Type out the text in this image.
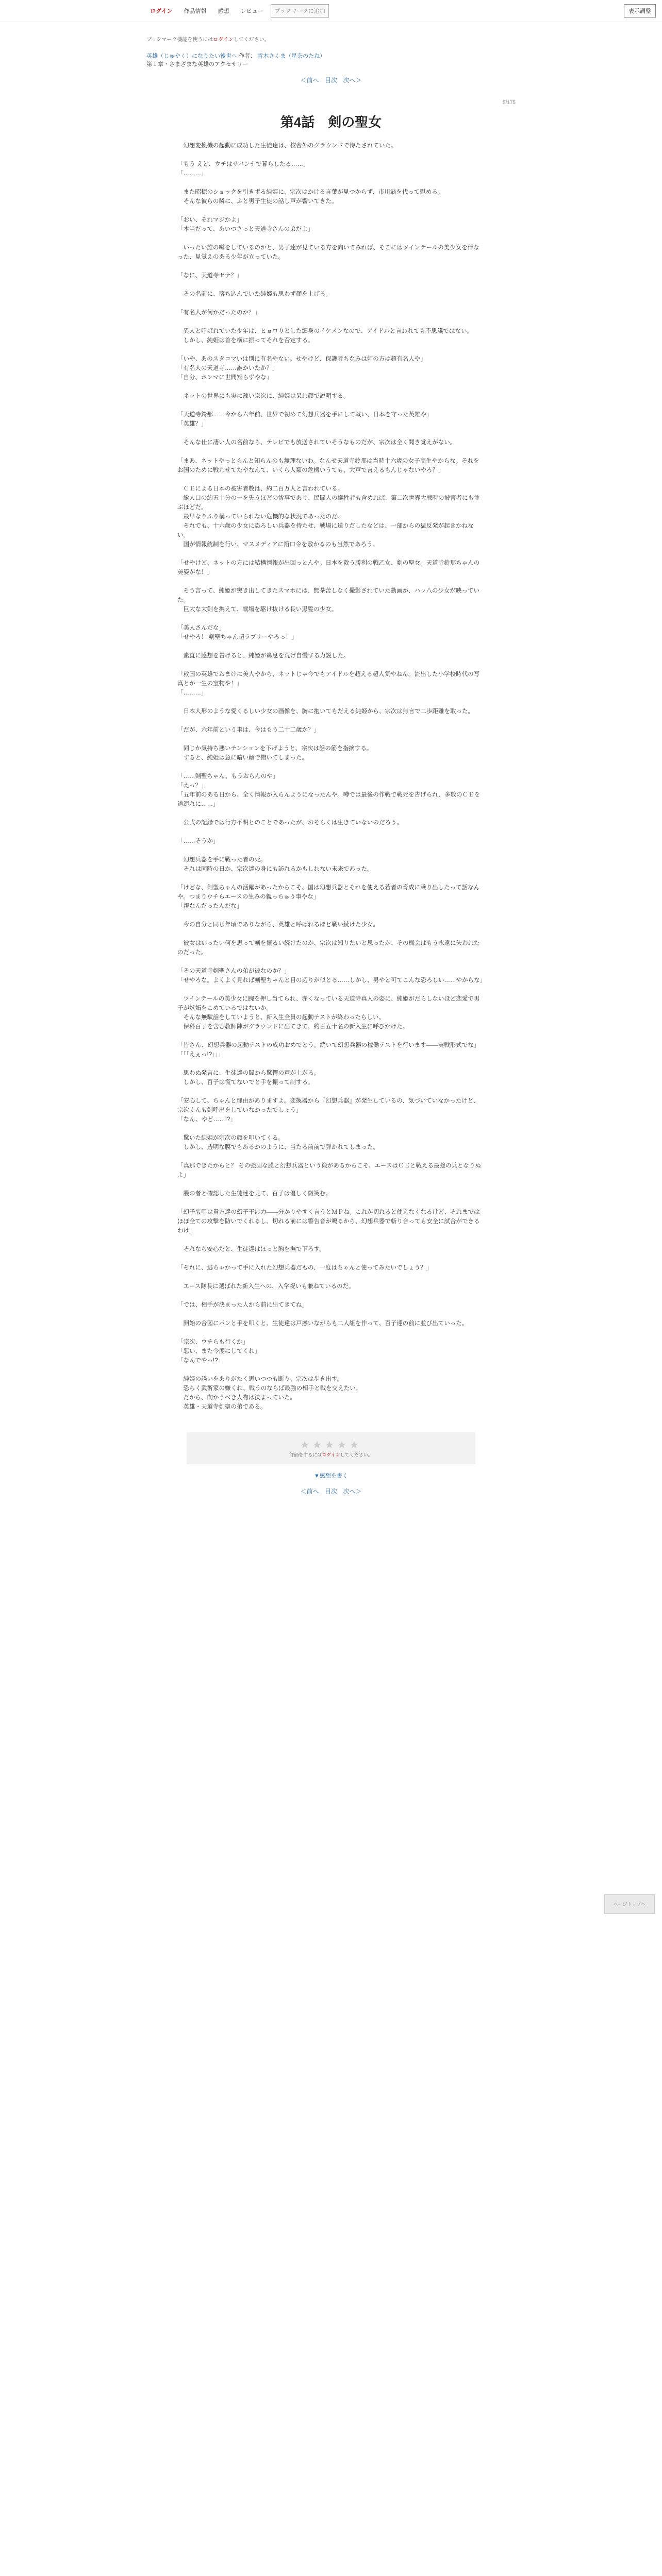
ログイン	作品情報	感想	レビュー	ブックマークに追加	表示調整
ブックマーク機能を使うにはログインしてください。
英雄（じゅやく）になりたい後世へ 作者： 青木さくま（星奈のたね）
第１章・さまざまな英雄のアクセサリー
＜前へ 目次 次へ＞
5/175
第4話　剣の聖女

　幻想変換機の起動に成功した生徒達は、校舎外のグラウンドで待たされていた。

「もう えと、ウチはサバンナで暮らしたる……」

「………」

　また昭穂のショックを引きずる純姫に、宗次はかける言葉が見つからず、市川翁を代って慰める。

　そんな彼らの隣に、ふと男子生徒の話し声が響いてきた。

「おい、それマジかよ」

「本当だって、あいつさっと天道寺さんの弟だよ」

　いったい誰の噂をしているのかと、男子達が見ている方を向いてみれば、そこにはツインテールの美少女を伴なった、見覚えのある少年が立っていた。

「なに、天道寺セナ？」

　その名前に、落ち込んでいた純姫も思わず顔を上げる。

「有名人が何かだったのか？」

　異人と呼ばれていた少年は、ヒョロりとした細身のイケメンなので、アイドルと言われても不思議ではない。

　しかし、純姫は首を横に振ってそれを否定する。

「いや、あのスタコマいは別に有名やない。せやけど、保護者ちなみは姉の方は超有名人や」

「有名人の天道寺……誰かいたか？」

「自分、ホンマに世間知らずやな」

　ネットの世界にも実に疎い宗次に、純姫は呆れ顔で説明する。

「天道寺鈴那……今から六年前、世界で初めて幻想兵器を手にして戦い、日本を守った英雄や」

「英雄？」

　そんな仕に凄い人の名前なら、テレビでも放送されていそうなものだが、宗次は全く聞き覚えがない。

「まあ、ネットやっとらんと知らんのも無理ないわ。なんせ天道寺鈴那は当時十六歳の女子高生やからな。それをお国のために戦わせてたやなんて、いくら人類の危機いうても、大声で言えるもんじゃないやろ？」

　ＣＥによる日本の被害者数は、約二百万人と言われている。

　総人口の約五十分の一を失うほどの惨事であり、民間人の犠牲者も含めれば、第二次世界大戦時の被害者にも並ぶほどだ。

　最早なりふり構っていられない危機的な状況であったのだ。

　それでも、十六歳の少女に恐ろしい兵器を持たせ、戦場に送りだしたなどは、一部からの猛反発が起きかねない。

　国が情報統制を行い、マスメディアに箝口令を敷かるのも当然であろう。

「せやけど、ネットの方には結構情報が出回っとんや。日本を救う勝利の戦乙女、剣の聖女。天道寺鈴那ちゃんの美姿がな！」

　そう言って、純姫が突き出してきたスマホには、無茶苦しなく撮影されていた動画が、ハッ八の少女が映っていた。

　巨大な大剣を携えて、戦場を駆け抜ける長い黒髪の少女。

「美人さんだな」

「せやろ！ 剣聖ちゃん超ラブリーやろっ！」

　素直に感想を告げると、純姫が鼻息を荒げ自慢する力説した。

「救国の英雄でおまけに美人やから、ネットじゃ今でもアイドルを超える超人気やねん。流出した小学校時代の写真とか一生の宝物や！」

「………」

　日本人形のような愛くるしい少女の画像を、胸に抱いてもだえる純姫から、宗次は無言で二歩距離を取った。

「だが、六年前という事は、今はもう二十二歳か？」

　同じか気持ち悪いテンションを下げようと、宗次は話の筋を指摘する。

　すると、純姫は急に暗い顔で俯いてしまった。

「……剣聖ちゃん、もうおらんのや」

「えっ？」

「五年前のある日から、全く情報が入らんようになったんや。噂では最後の作戦で戦死を告げられ、多数のＣＥを道連れに……」

　公式の記録では行方不明とのことであったが、おそらくは生きていないのだろう。

「……そうか」

　幻想兵器を手に戦った者の死。

　それは同時の日か、宗次達の身にも訪れるかもしれない未来であった。

「けどな、剣聖ちゃんの活躍があったからこそ、国は幻想兵器とそれを使える若者の育成に乗り出したって話なんや。つまりウチらエースの生みの親っちゅう事やな」

「親なんだったんだな」

　今の自分と同じ年頃でありながら、英雄と呼ばれるほど戦い続けた少女。

　彼女はいったい何を思って剣を振るい続けたのか、宗次は知りたいと思ったが、その機会はもう永遠に失われたのだった。

「その天道寺剣聖さんの弟が彼なのか？」

「せやろな。よくよく見れば剣聖ちゃんと目の辺りが似とる……しかし、男やと可てこんな恐ろしい……やからな」

　ツインテールの美少女に腕を押し当てられ、赤くなっている天道寺真人の姿に、純姫がだらしないほど恋愛で男子が嫉妬をこめているではないか。

　そんな無駄話をしていようと、新入生全員の起動テストが終わったらしい。

　保科百子を含む教師陣がグラウンドに出てきて、約百五十名の新入生に呼びかけた。

「皆さん、幻想兵器の起動テストの成功おめでとう。続いて幻想兵器の稼働テストを行います——実戦形式でな」

「「「えぇっ!?」」」

　思わぬ発言に、生徒達の間から驚愕の声が上がる。

　しかし、百子は慌てないでと手を振って制する。

「安心して、ちゃんと理由がありますよ。変換器から『幻想兵器』が発生しているの、気づいていなかったけど、宗次くんも剣呼出をしていなかったでしょう」

「なん、やど……!?」

　驚いた純姫が宗次の顔を叩いてくる。

　しかし、透明な膜でもあるかのように、当たる前前で弾かれてしまった。

「真那できたからと？ その強固な膜と幻想兵器という鍛があるからこそ、エースはＣＥと戦える最強の兵となりぬよ」

　膜の者と確認した生徒達を見て、百子は優しく微笑む。

「幻子装甲は貴方達の幻子干渉力——分かりやすく言うとＭＰね。これが切れると使えなくなるけど、それまではほぼ全ての攻撃を防いでくれるし、切れる前には警告音が鳴るから、幻想兵器で斬り合っても安全に試合ができるわけ」

　それなら安心だと、生徒達はほっと胸を撫で下ろす。

「それに、逃ちゃかって手に入れた幻想兵器だもの、一度はちゃんと使ってみたいでしょう？」

　エース隊長に選ばれた新入生への、入学祝いも兼ねているのだ。

「では、相手が決まった人から前に出てきてね」

　開始の合図にパンと手を叩くと、生徒達は戸惑いながらも二人組を作って、百子達の前に並び出ていった。

「宗次、ウチらも行くか」

「悪い、また今度にしてくれ」

「なんでやっ!?」

　純姫の誘いをありがたく思いつつも断り、宗次は歩き出す。

　恐らく武術家の嫌くれ、戦うのならば最強の相手と戦を交えたい。

　だから、向かうべき人物は決まっていた。

　英雄・天道寺剣聖の弟である。

★★★★★
評価をするにはログインしてください。
▼感想を書く
＜前へ 目次 次へ＞
ページトップへ
